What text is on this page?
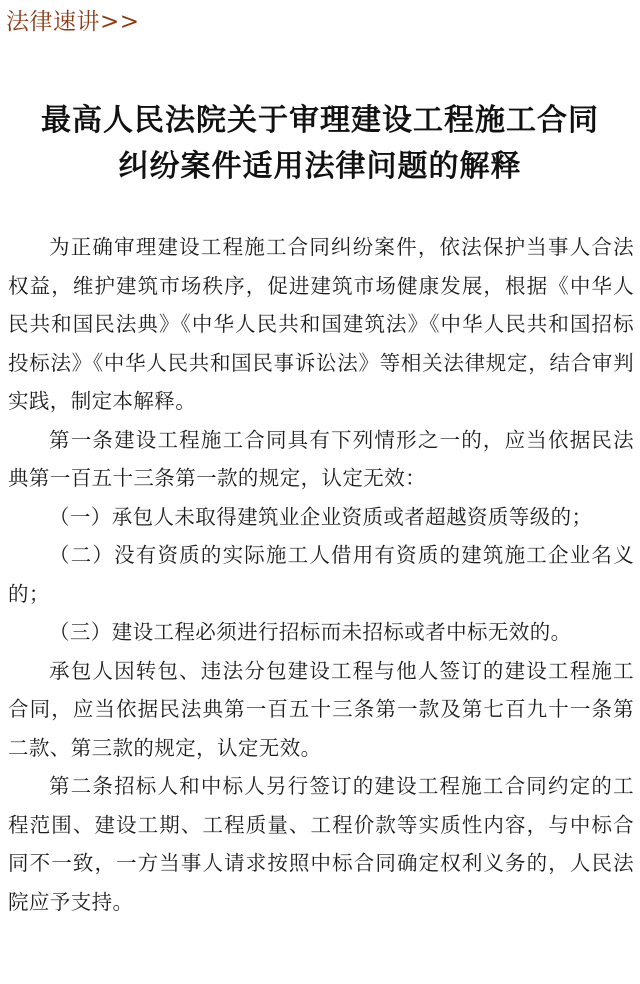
法律速讲>>
最高人民法院关于审理建设工程施工合同
纠纷案件适用法律问题的解释

为正确审理建设工程施工合同纠纷案件，依法保护当事人合法权益，维护建筑市场秩序，促进建筑市场健康发展，根据《中华人民共和国民法典》《中华人民共和国建筑法》《中华人民共和国招标投标法》《中华人民共和国民事诉讼法》等相关法律规定，结合审判实践，制定本解释。

第一条建设工程施工合同具有下列情形之一的，应当依据民法典第一百五十三条第一款的规定，认定无效：

（一）承包人未取得建筑业企业资质或者超越资质等级的；

（二）没有资质的实际施工人借用有资质的建筑施工企业名义的；

（三）建设工程必须进行招标而未招标或者中标无效的。

承包人因转包、违法分包建设工程与他人签订的建设工程施工合同，应当依据民法典第一百五十三条第一款及第七百九十一条第二款、第三款的规定，认定无效。

第二条招标人和中标人另行签订的建设工程施工合同约定的工程范围、建设工期、工程质量、工程价款等实质性内容，与中标合同不一致，一方当事人请求按照中标合同确定权利义务的，人民法院应予支持。
